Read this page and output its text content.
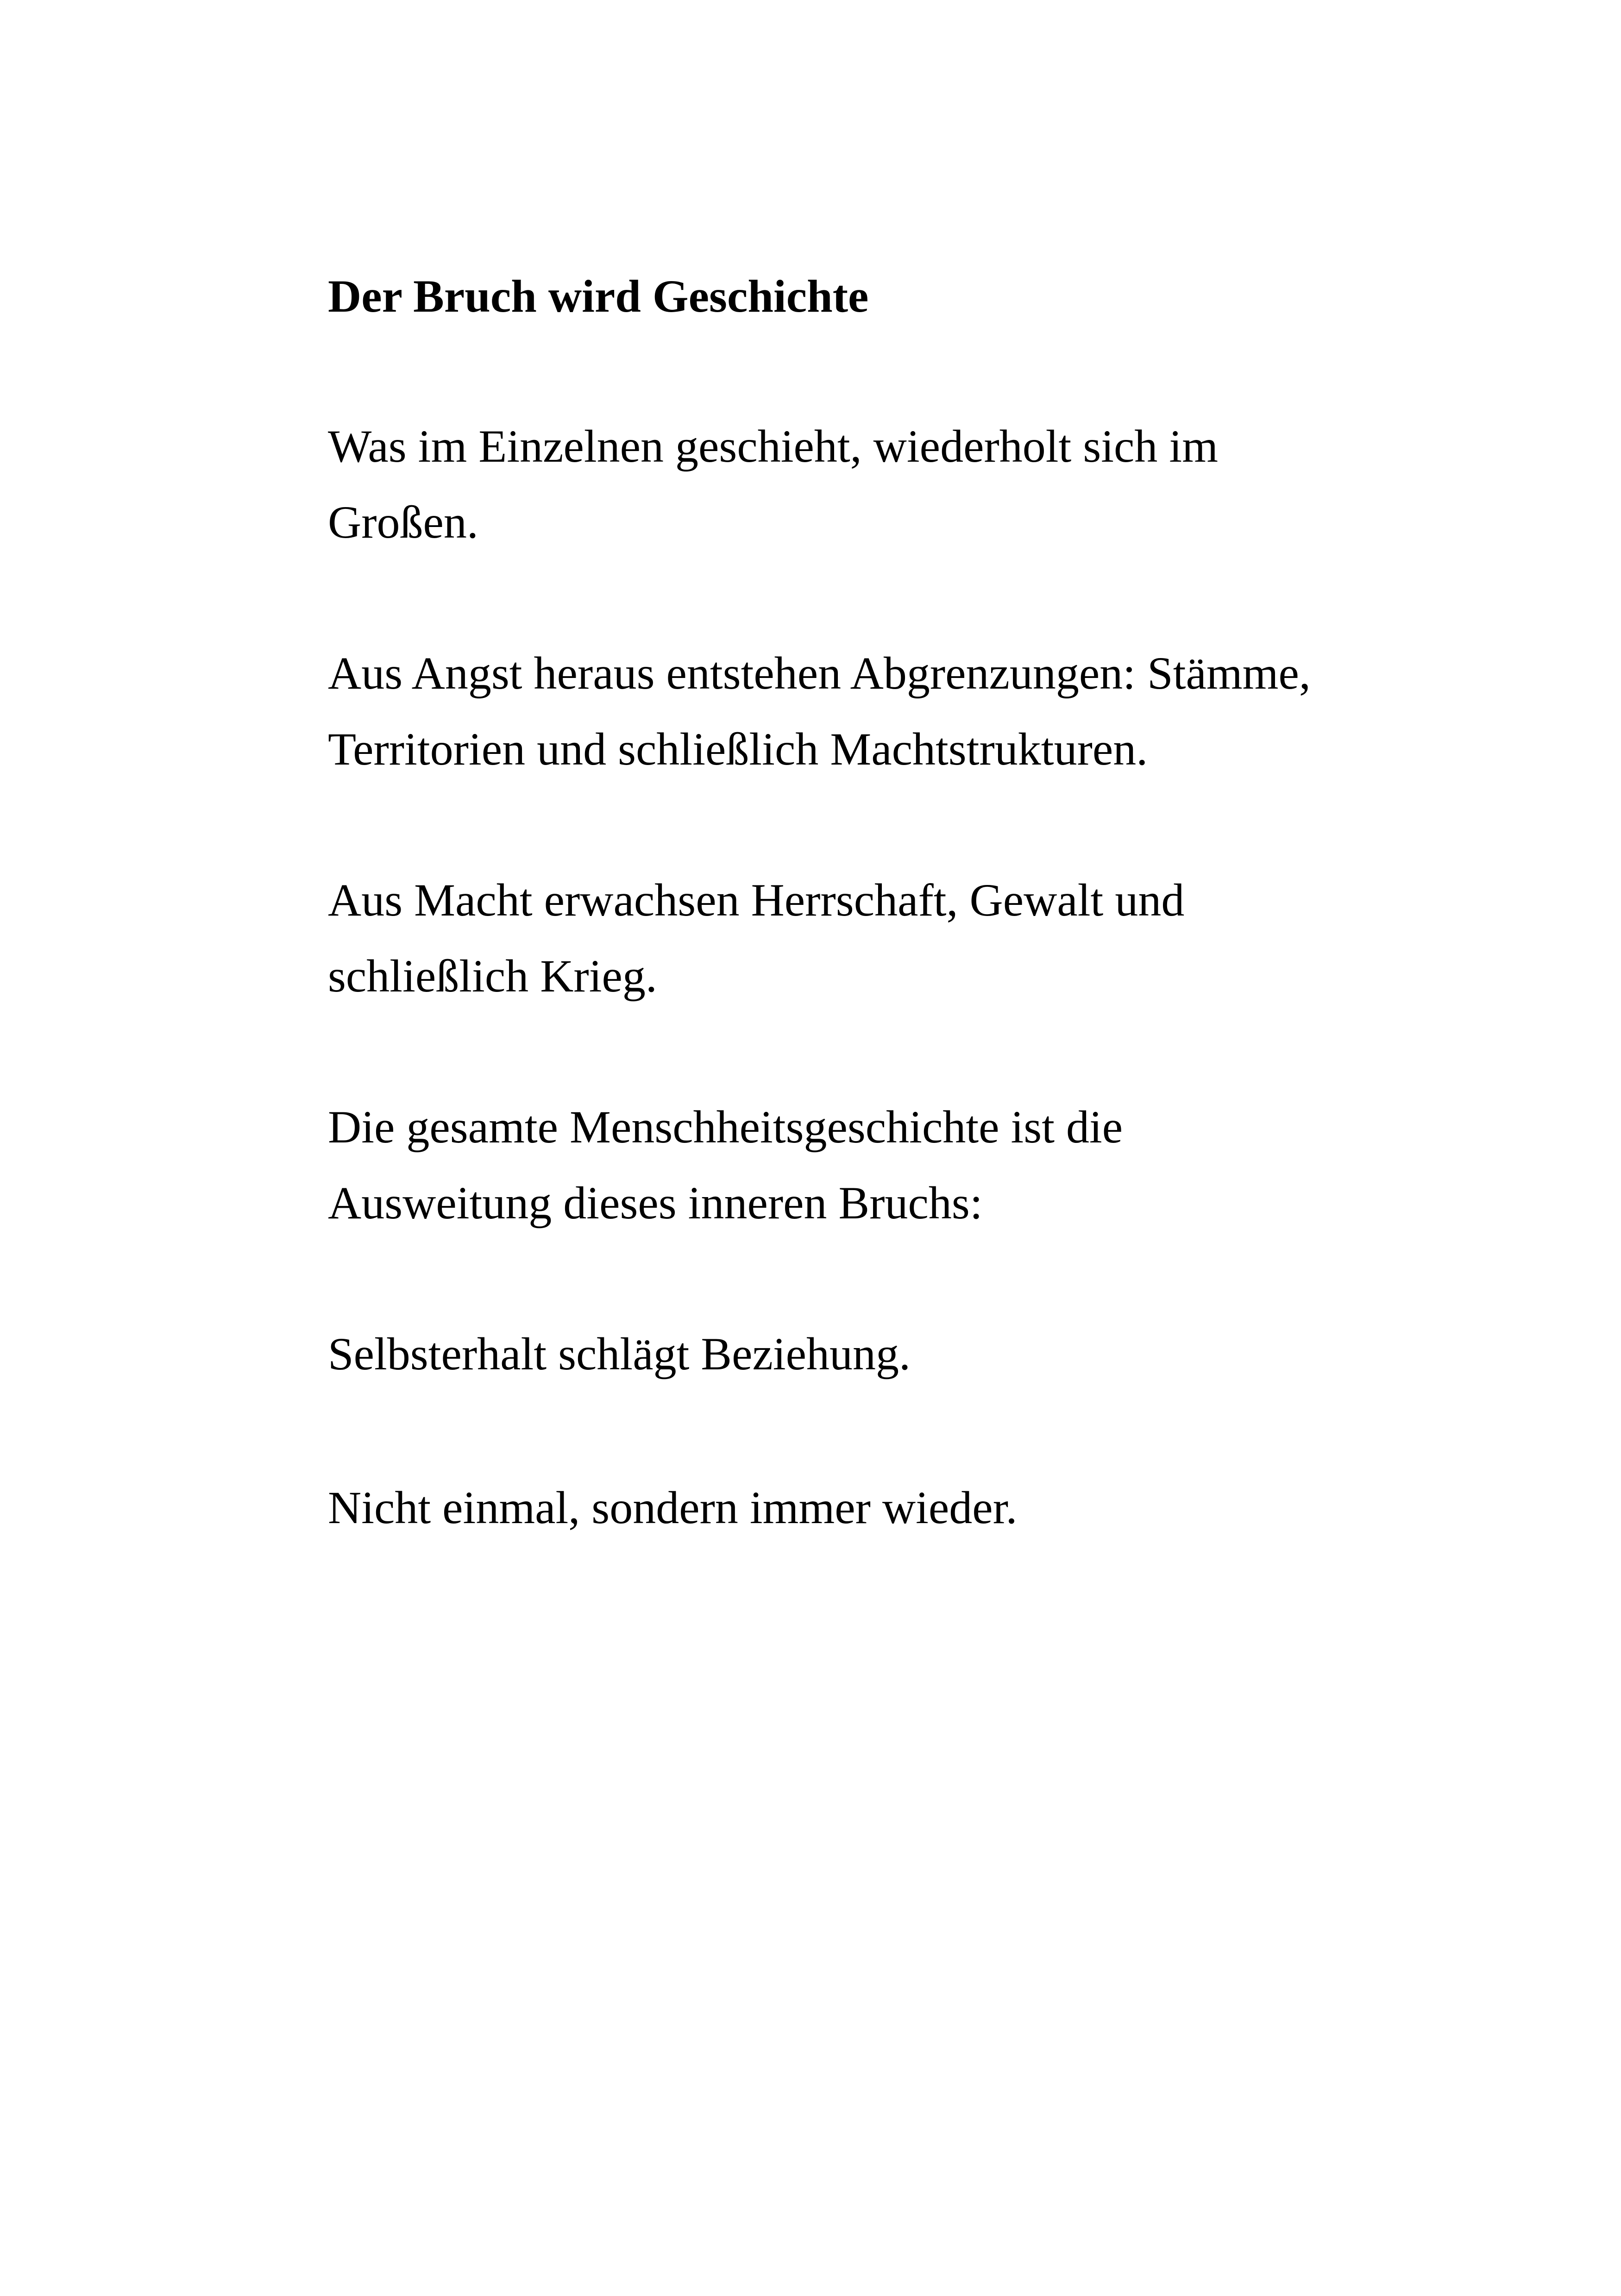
Der Bruch wird Geschichte

Was im Einzelnen geschieht, wiederholt sich im
Großen.

Aus Angst heraus entstehen Abgrenzungen: Stämme,
Territorien und schließlich Machtstrukturen.

Aus Macht erwachsen Herrschaft, Gewalt und
schließlich Krieg.

Die gesamte Menschheitsgeschichte ist die
Ausweitung dieses inneren Bruchs:

Selbsterhalt schlägt Beziehung.

Nicht einmal, sondern immer wieder.
